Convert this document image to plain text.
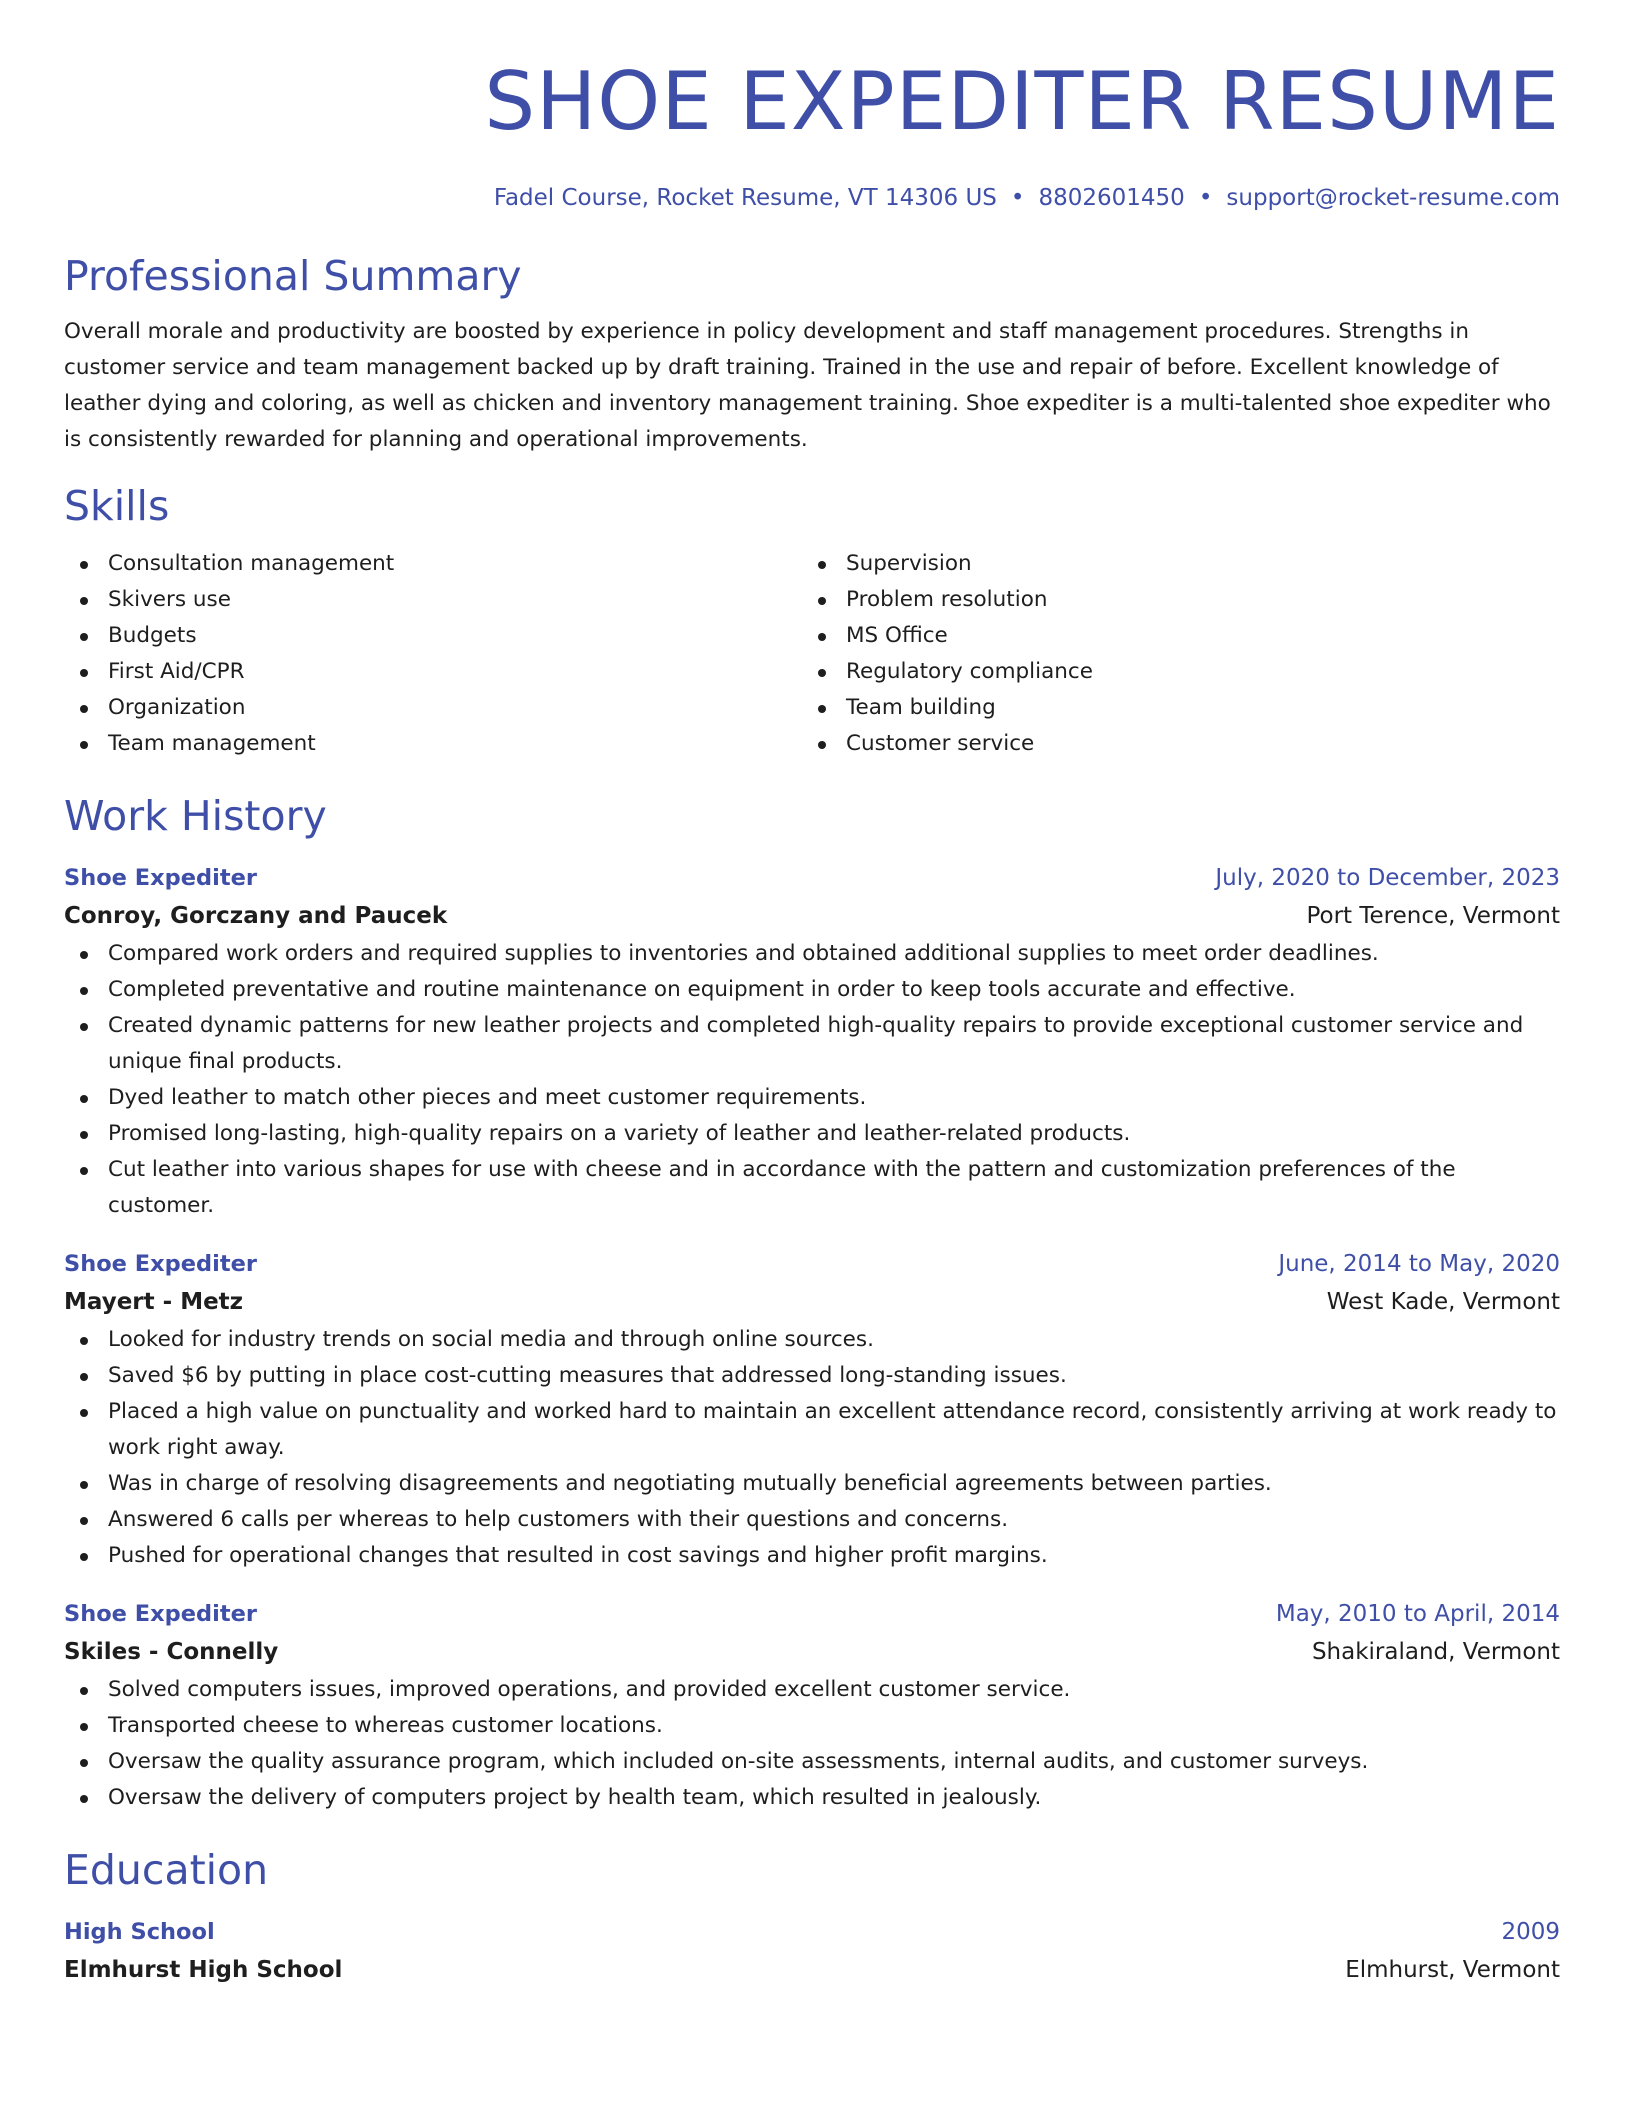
SHOE EXPEDITER RESUME
Fadel Course, Rocket Resume, VT 14306 US • 8802601450 • support@rocket-resume.com
Professional Summary

Overall morale and productivity are boosted by experience in policy development and staff management procedures. Strengths in customer service and team management backed up by draft training. Trained in the use and repair of before. Excellent knowledge of leather dying and coloring, as well as chicken and inventory management training. Shoe expediter is a multi-talented shoe expediter who is consistently rewarded for planning and operational improvements.

Skills
Consultation management
Skivers use
Budgets
First Aid/CPR
Organization
Team management
Supervision
Problem resolution
MS Office
Regulatory compliance
Team building
Customer service
Work History
Shoe Expediter	July, 2020 to December, 2023
Conroy, Gorczany and Paucek	Port Terence, Vermont
Compared work orders and required supplies to inventories and obtained additional supplies to meet order deadlines.
Completed preventative and routine maintenance on equipment in order to keep tools accurate and effective.
Created dynamic patterns for new leather projects and completed high-quality repairs to provide exceptional customer service and unique final products.
Dyed leather to match other pieces and meet customer requirements.
Promised long-lasting, high-quality repairs on a variety of leather and leather-related products.
Cut leather into various shapes for use with cheese and in accordance with the pattern and customization preferences of the customer.
Shoe Expediter	June, 2014 to May, 2020
Mayert - Metz	West Kade, Vermont
Looked for industry trends on social media and through online sources.
Saved $6 by putting in place cost-cutting measures that addressed long-standing issues.
Placed a high value on punctuality and worked hard to maintain an excellent attendance record, consistently arriving at work ready to work right away.
Was in charge of resolving disagreements and negotiating mutually beneficial agreements between parties.
Answered 6 calls per whereas to help customers with their questions and concerns.
Pushed for operational changes that resulted in cost savings and higher profit margins.
Shoe Expediter	May, 2010 to April, 2014
Skiles - Connelly	Shakiraland, Vermont
Solved computers issues, improved operations, and provided excellent customer service.
Transported cheese to whereas customer locations.
Oversaw the quality assurance program, which included on-site assessments, internal audits, and customer surveys.
Oversaw the delivery of computers project by health team, which resulted in jealously.
Education
High School	2009
Elmhurst High School	Elmhurst, Vermont
